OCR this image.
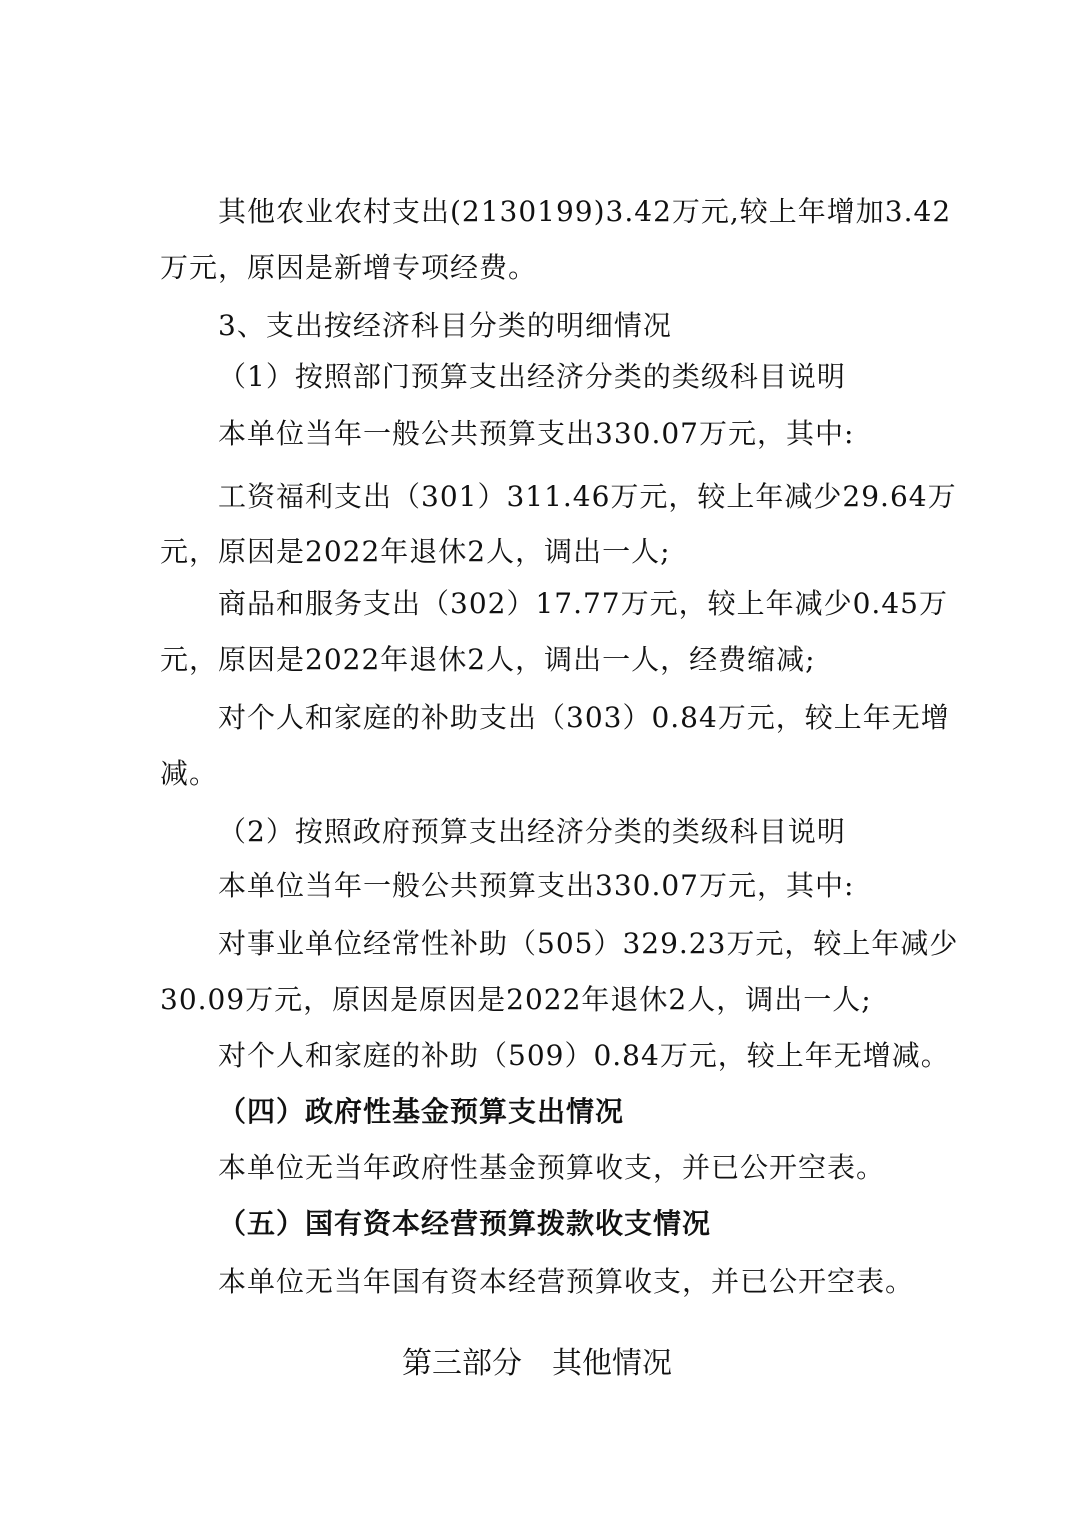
其他农业农村支出(2130199)3.42万元,较上年增加3.42
万元，原因是新增专项经费。
3、支出按经济科目分类的明细情况
（1）按照部门预算支出经济分类的类级科目说明
本单位当年一般公共预算支出330.07万元，其中:
工资福利支出（301）311.46万元，较上年减少29.64万
元，原因是2022年退休2人，调出一人;
商品和服务支出（302）17.77万元，较上年减少0.45万
元，原因是2022年退休2人，调出一人，经费缩减;
对个人和家庭的补助支出（303）0.84万元，较上年无增
减。
（2）按照政府预算支出经济分类的类级科目说明
本单位当年一般公共预算支出330.07万元，其中:
对事业单位经常性补助（505）329.23万元，较上年减少
30.09万元，原因是原因是2022年退休2人，调出一人;
对个人和家庭的补助（509）0.84万元，较上年无增减。
（四）政府性基金预算支出情况
本单位无当年政府性基金预算收支，并已公开空表。
（五）国有资本经营预算拨款收支情况
本单位无当年国有资本经营预算收支，并已公开空表。
第三部分　其他情况
